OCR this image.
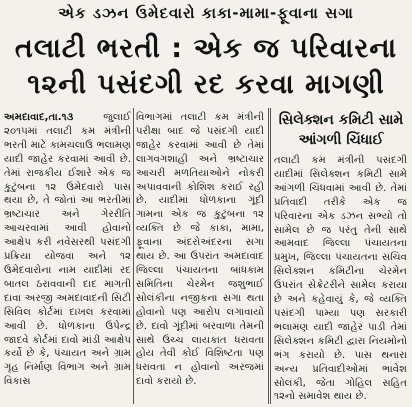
એક ડઝન ઉમેદવારો કાકા-મામા-ફૂવાના સગા
તલાટી ભરતી : એક જ પરિવારના
૧૨ની પસંદગી રદ કરવા માગણી

અમદાવાદ,તા.૧૩	જુલાઈ ૨૦૧૫માં તલાટી કમ મંત્રીની ભરતી માટે કામચલાઉ ભલામણ યાદી જાહેર કરવામાં આવી છે. તેમાં રાજકીય ઈશારે એક જ કુટુંબના ૧૨ ઉમેદવારો પાસ થયા છે, તે જોતાં આ ભરતીમાં ભ્રષ્ટાચાર અને ગેરરીતિ આચરવામાં આવી હોવાનો આક્ષેપ કરી નવેસરથી પસંદગી પ્રક્રિયા યોજવા અને ૧૨ ઉમેદવારોના નામ યાદીમાં રદ બાતલ ઠરાવવાની દાદ માગતી દાવા અરજી અમદાવાદની સિટી સિવિલ કોર્ટમાં દાખલ કરવામાં આવી છે. ધોળકાના ઉપેન્દ્ર જાદવે કોર્ટમાં દાવો માંડી આક્ષેપ કર્યો છે કે, પંચાયત અને ગ્રામ ગૃહ નિર્માણ વિભાગ અને ગ્રામ વિકાસ

વિભાગમાં તલાટી કમ મંત્રીની પરીક્ષા બાદ જે પસંદગી યાદી જાહેર કરવામાં આવી છે તેમાં લાગવગશાહી અને ભ્રષ્ટાચાર આચરી મળતિયાઓને નોકરી અપાવવાની કોશિશ કરાઈ રહી છે. યાદીમાં ધોળકાના ગૂંદી ગામના એક જ કુટુંબના ૧૨ વ્યક્તિ છે જે કાકા, મામા, ફૂવાના અંદરોઅંદરના સગા થાય છે. આ ઉપરાંત અમદાવાદ જિલ્લા પંચાયતના બાંધકામ સમિતિના ચેરમેન જશુભાઈ સોલંકીના નજીકના સગા થતા હોવાનો પણ આરોપ લગાવાયો છે. દાવો ગૂંદીમાં બરવાળા તેમની સાથે ઉચ્ચ લાયકાત ધરાવતા હોય તેવી કોઈ વિશિષ્ટતા પણ ધરાવતા ન હોવાનો અરજમાં દાવો કરાયો છે.

સિલેક્શન કમિટી સામે
આંગળી ચિંધાઈ

તલાટી કમ મંત્રીની પસંદગી યાદીમાં સિલેક્શન કમિટી સામે આંગળી ચિંધવામાં આવી છે. તેમાં પ્રતિવાદી તરીકે એક જ પરિવારના એક ડઝન સભ્યો તો સામેલ છે જ પરંતુ તેની સાથે આમવાદ જિલ્લા પંચાયતના પ્રમુખ, જિલ્લા પંચાયતના સચિવ સિલેક્શન કમિટીના ચેરમેન ઉપરાંત સેક્રેટરીને સામેલ કરાયા છે અને કહેવાયું કે, જે વ્યક્તિ પસંદગી પામ્યા પણ સરકારી ભલામણ યાદી જાહેર પાડી તેમાં સિલેક્શન કમિટી દ્વારા નિયમોનો ભંગ કરાયો છે. પાસ થનારા અન્ય પ્રતિવાદીઓમાં ભાવેશ સોલંકી, જેતા ગોહિલ સહિત ૧૨નો સમાવેશ થાય છે.
